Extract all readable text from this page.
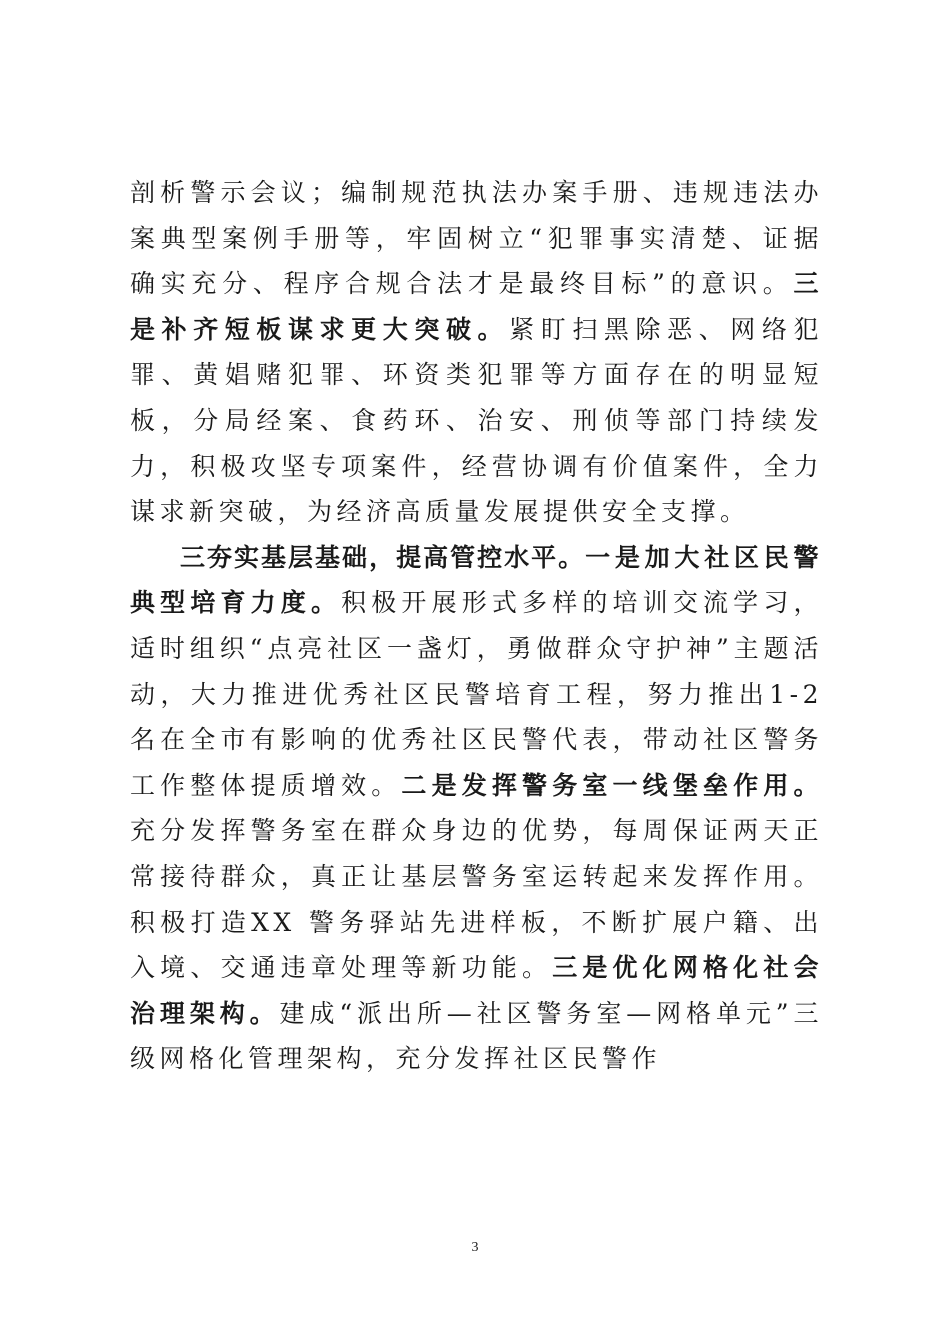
剖析警示会议；编制规范执法办案手册、违规违法办案典型案例手册等，牢固树立“犯罪事实清楚、证据确实充分、程序合规合法才是最终目标”的意识。三是补齐短板谋求更大突破。紧盯扫黑除恶、网络犯罪、黄娼赌犯罪、环资类犯罪等方面存在的明显短板，分局经案、食药环、治安、刑侦等部门持续发力，积极攻坚专项案件，经营协调有价值案件，全力谋求新突破，为经济高质量发展提供安全支撑。

三夯实基层基础，提高管控水平。一是加大社区民警典型培育力度。积极开展形式多样的培训交流学习，适时组织“点亮社区一盏灯，勇做群众守护神”主题活动，大力推进优秀社区民警培育工程，努力推出1-2 名在全市有影响的优秀社区民警代表，带动社区警务工作整体提质增效。二是发挥警务室一线堡垒作用。充分发挥警务室在群众身边的优势，每周保证两天正常接待群众，真正让基层警务室运转起来发挥作用。积极打造XX 警务驿站先进样板，不断扩展户籍、出入境、交通违章处理等新功能。三是优化网格化社会治理架构。建成“派出所—社区警务室—网格单元”三级网格化管理架构，充分发挥社区民警作

3
